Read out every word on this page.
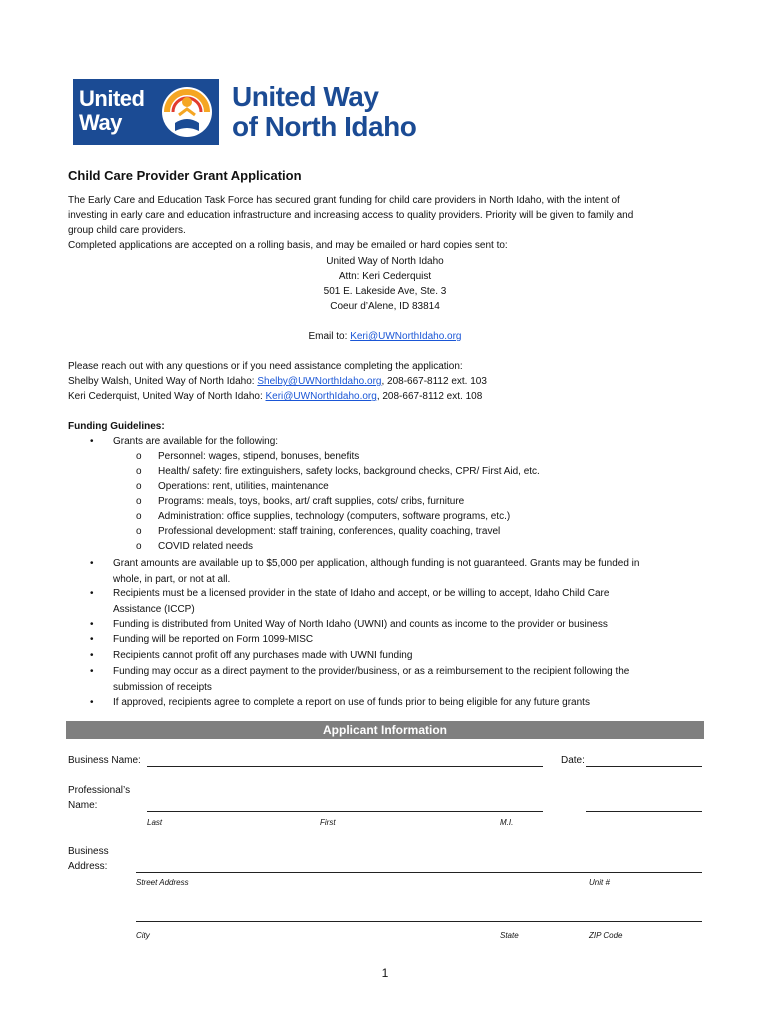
United
Way
United Way
of North Idaho
Child Care Provider Grant Application
The Early Care and Education Task Force has secured grant funding for child care providers in North Idaho, with the intent of
investing in early care and education infrastructure and increasing access to quality providers. Priority will be given to family and
group child care providers.
Completed applications are accepted on a rolling basis, and may be emailed or hard copies sent to:
United Way of North Idaho
Attn: Keri Cederquist
501 E. Lakeside Ave, Ste. 3
Coeur d’Alene, ID 83814
Email to: Keri@UWNorthIdaho.org
Please reach out with any questions or if you need assistance completing the application:
Shelby Walsh, United Way of North Idaho: Shelby@UWNorthIdaho.org, 208-667-8112 ext. 103
Keri Cederquist, United Way of North Idaho: Keri@UWNorthIdaho.org, 208-667-8112 ext. 108
Funding Guidelines:
• Grants are available for the following:
o Personnel: wages, stipend, bonuses, benefits
o Health/ safety: fire extinguishers, safety locks, background checks, CPR/ First Aid, etc.
o Operations: rent, utilities, maintenance
o Programs: meals, toys, books, art/ craft supplies, cots/ cribs, furniture
o Administration: office supplies, technology (computers, software programs, etc.)
o Professional development: staff training, conferences, quality coaching, travel
o COVID related needs
• Grant amounts are available up to $5,000 per application, although funding is not guaranteed. Grants may be funded in
whole, in part, or not at all.
• Recipients must be a licensed provider in the state of Idaho and accept, or be willing to accept, Idaho Child Care
Assistance (ICCP)
• Funding is distributed from United Way of North Idaho (UWNI) and counts as income to the provider or business
• Funding will be reported on Form 1099-MISC
• Recipients cannot profit off any purchases made with UWNI funding
• Funding may occur as a direct payment to the provider/business, or as a reimbursement to the recipient following the
submission of receipts
• If approved, recipients agree to complete a report on use of funds prior to being eligible for any future grants
Applicant Information
Business Name:	Date:
Professional’s
Name:
Last	First	M.I.
Business
Address:
Street Address	Unit #
City	State	ZIP Code
1
